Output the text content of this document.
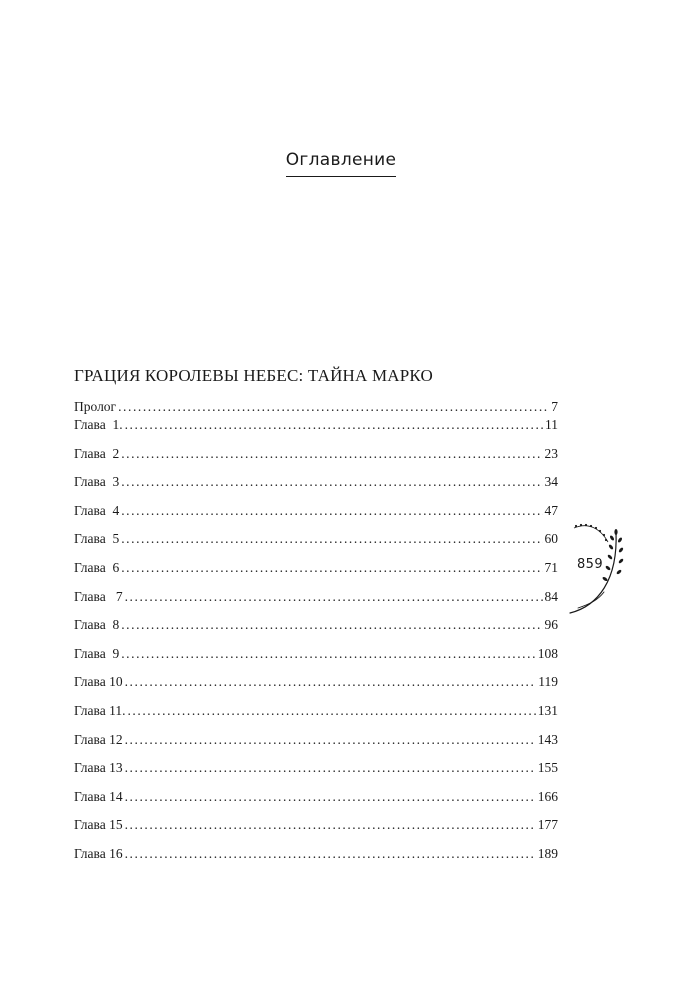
Оглавление
ГРАЦИЯ КОРОЛЕВЫ НЕБЕС: ТАЙНА МАРКО
Пролог . . .	7
Глава  1. . . .	11
Глава  2 . . .	23
Глава  3 . . .	34
Глава  4 . . .	47
Глава  5 . . .	60
Глава  6 . . .	71
Глава   7 . . .	84
Глава  8 . . .	96
Глава  9 . . .	108
Глава 10 . . .	119
Глава 11. . . .	131
Глава 12 . . .	143
Глава 13 . . .	155
Глава 14 . . .	166
Глава 15 . . .	177
Глава 16 . . .	189
859
